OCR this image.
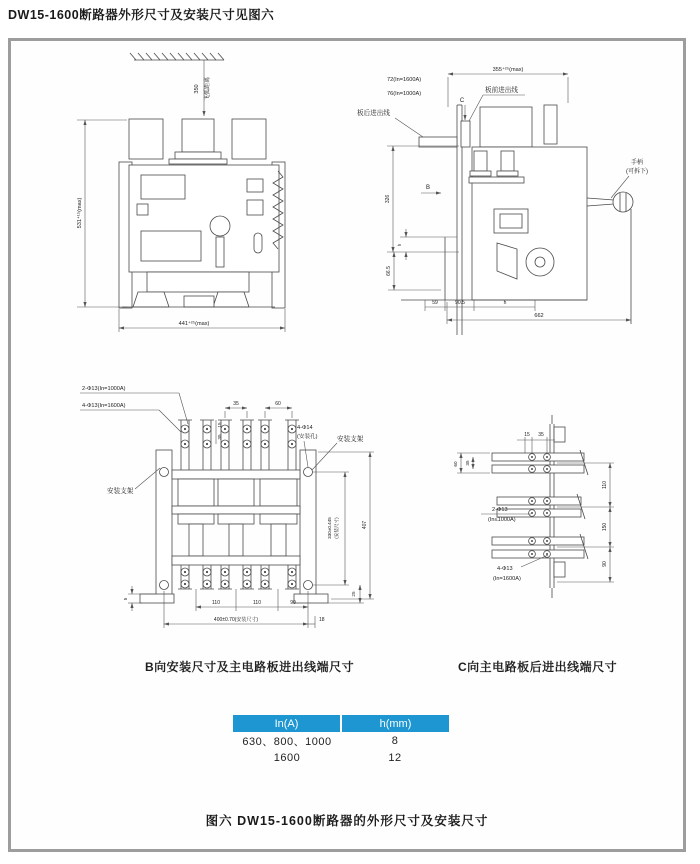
DW15-1600断路器外形尺寸及安装尺寸见图六
350 飞弧距离
531⁺¹⁵(max)
441⁺²⁵(max)
72(In=1600A)
76(In=1000A)
355⁺²⁵(max)
板后进出线
板前进出线
C
B
手柄
(可拆下)
326
h
66.5
59	90.5	h
662
2-Φ13(In=1000A)
4-Φ13(In=1600A)	35	60
15
35
安装支架
安装支架
4-Φ14
(安装孔)
330±0.445 (安装尺寸)	407
25
5
110	110	90
400±0.70(安装尺寸)	18
15 35
60 35
110
150
90
2-Φ13
(In≤1000A)
4-Φ13
(In=1600A)
B向安装尺寸及主电路板进出线端尺寸	C向主电路板后进出线端尺寸
In(A)	h(mm)
630、800、1000	8
1600	12
图六 DW15-1600断路器的外形尺寸及安装尺寸
